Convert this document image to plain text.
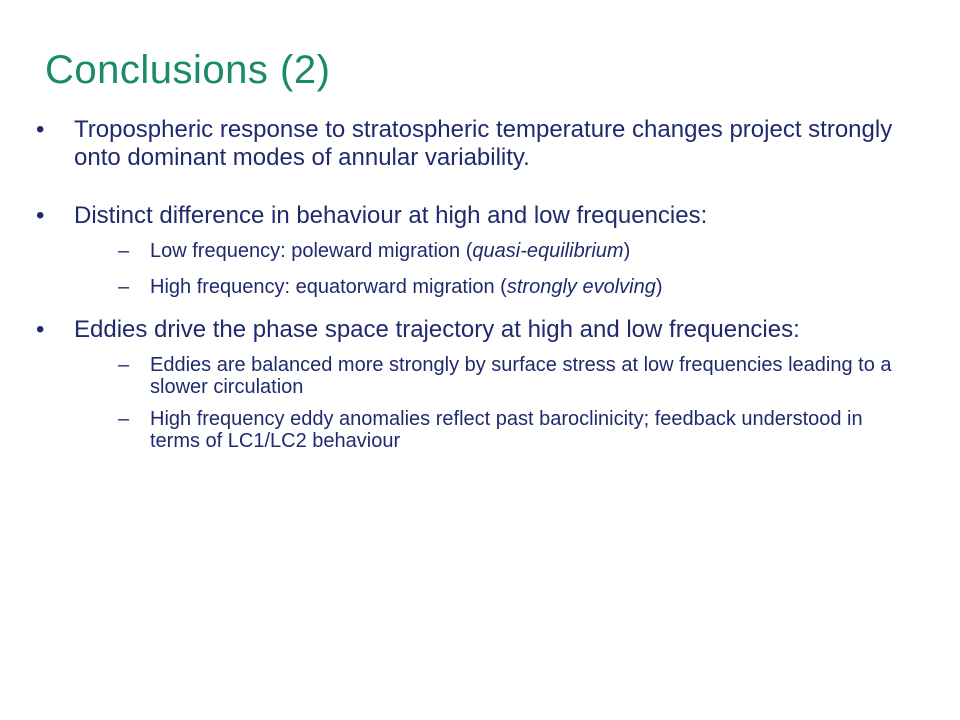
Conclusions (2)
•	Tropospheric response to stratospheric temperature changes project strongly onto dominant modes of annular variability.
•	Distinct difference in behaviour at high and low frequencies:
– Low frequency: poleward migration (quasi-equilibrium)
– High frequency: equatorward migration (strongly evolving)
•	Eddies drive the phase space trajectory at high and low frequencies:
– Eddies are balanced more strongly by surface stress at low frequencies leading to a slower circulation
– High frequency eddy anomalies reflect past baroclinicity; feedback understood in terms of LC1/LC2 behaviour
